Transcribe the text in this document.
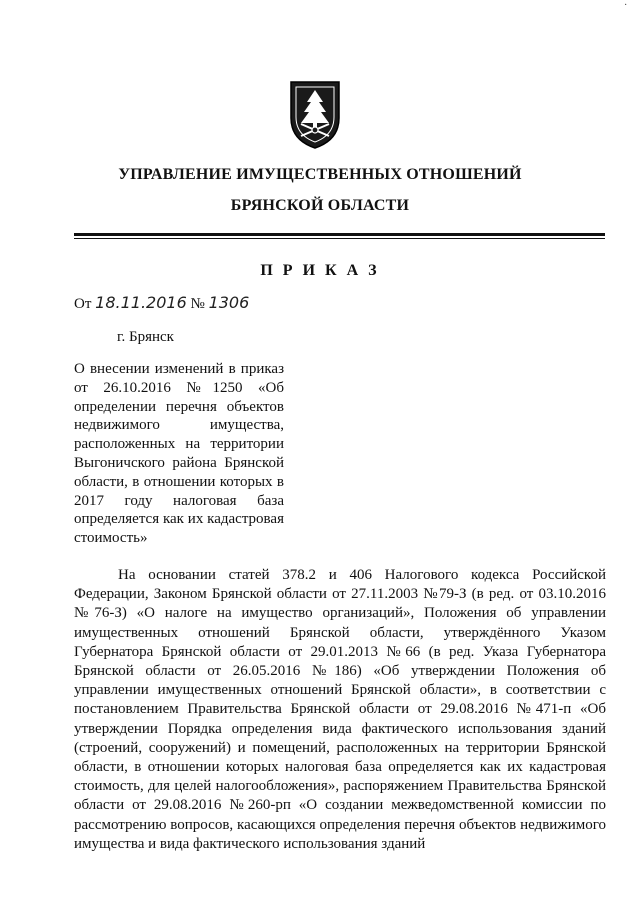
·
УПРАВЛЕНИЕ ИМУЩЕСТВЕННЫХ ОТНОШЕНИЙ
БРЯНСКОЙ ОБЛАСТИ
П Р И К А З
От 18.11.2016 № 1306
г. Брянск
О внесении изменений в приказ от 26.10.2016 №1250 «Об определении перечня объектов недвижимого имущества, расположенных на территории Выгоничского района Брянской области, в отношении которых в 2017 году налоговая база определяется как их кадастровая стоимость»
На основании статей 378.2 и 406 Налогового кодекса Российской Федерации, Законом Брянской области от 27.11.2003 №79-З (в ред. от 03.10.2016 №76-З) «О налоге на имущество организаций», Положения об управлении имущественных отношений Брянской области, утверждённого Указом Губернатора Брянской области от 29.01.2013 №66 (в ред. Указа Губернатора Брянской области от 26.05.2016 №186) «Об утверждении Положения об управлении имущественных отношений Брянской области», в соответствии с постановлением Правительства Брянской области от 29.08.2016 №471-п «Об утверждении Порядка определения вида фактического использования зданий (строений, сооружений) и помещений, расположенных на территории Брянской области, в отношении которых налоговая база определяется как их кадастровая стоимость, для целей налогообложения», распоряжением Правительства Брянской области от 29.08.2016 №260-рп «О создании межведомственной комиссии по рассмотрению вопросов, касающихся определения перечня объектов недвижимого имущества и вида фактического использования зданий
